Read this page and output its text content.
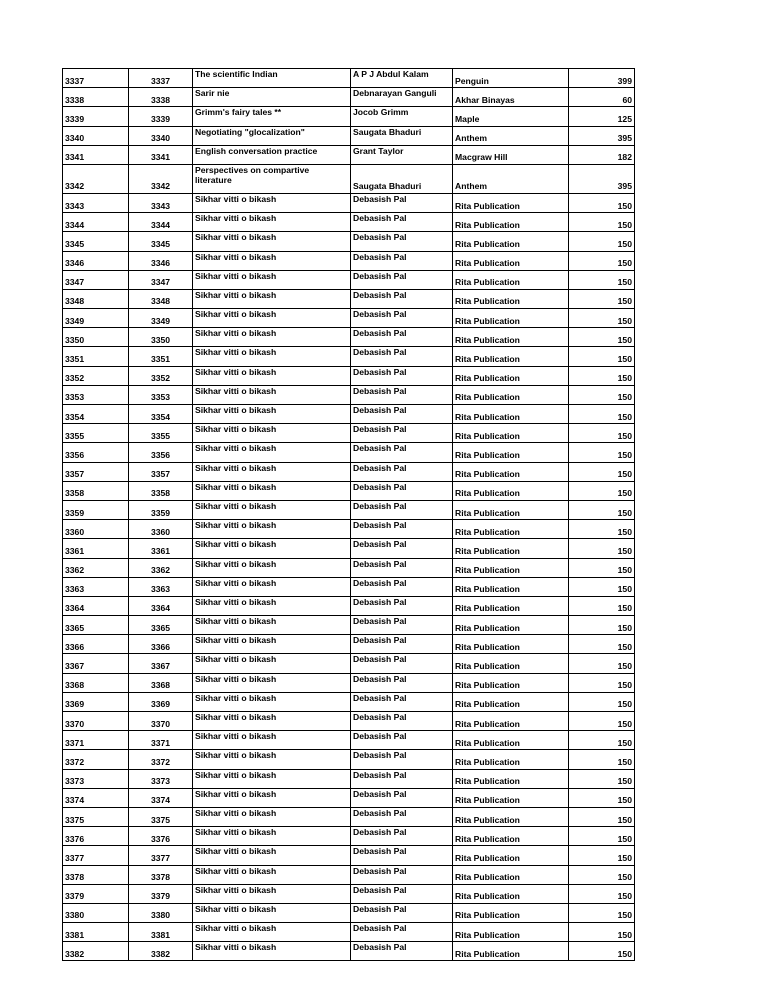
3337	3337	The scientific Indian	A P J Abdul Kalam	Penguin	399
3338	3338	Sarir nie	Debnarayan Ganguli	Akhar Binayas	60
3339	3339	Grimm's fairy tales **	Jocob Grimm	Maple	125
3340	3340	Negotiating "glocalization"	Saugata Bhaduri	Anthem	395
3341	3341	English conversation practice	Grant Taylor	Macgraw Hill	182
3342	3342	Perspectives on compartive literature	Saugata Bhaduri	Anthem	395
3343	3343	Sikhar vitti o bikash	Debasish Pal	Rita Publication	150
3344	3344	Sikhar vitti o bikash	Debasish Pal	Rita Publication	150
3345	3345	Sikhar vitti o bikash	Debasish Pal	Rita Publication	150
3346	3346	Sikhar vitti o bikash	Debasish Pal	Rita Publication	150
3347	3347	Sikhar vitti o bikash	Debasish Pal	Rita Publication	150
3348	3348	Sikhar vitti o bikash	Debasish Pal	Rita Publication	150
3349	3349	Sikhar vitti o bikash	Debasish Pal	Rita Publication	150
3350	3350	Sikhar vitti o bikash	Debasish Pal	Rita Publication	150
3351	3351	Sikhar vitti o bikash	Debasish Pal	Rita Publication	150
3352	3352	Sikhar vitti o bikash	Debasish Pal	Rita Publication	150
3353	3353	Sikhar vitti o bikash	Debasish Pal	Rita Publication	150
3354	3354	Sikhar vitti o bikash	Debasish Pal	Rita Publication	150
3355	3355	Sikhar vitti o bikash	Debasish Pal	Rita Publication	150
3356	3356	Sikhar vitti o bikash	Debasish Pal	Rita Publication	150
3357	3357	Sikhar vitti o bikash	Debasish Pal	Rita Publication	150
3358	3358	Sikhar vitti o bikash	Debasish Pal	Rita Publication	150
3359	3359	Sikhar vitti o bikash	Debasish Pal	Rita Publication	150
3360	3360	Sikhar vitti o bikash	Debasish Pal	Rita Publication	150
3361	3361	Sikhar vitti o bikash	Debasish Pal	Rita Publication	150
3362	3362	Sikhar vitti o bikash	Debasish Pal	Rita Publication	150
3363	3363	Sikhar vitti o bikash	Debasish Pal	Rita Publication	150
3364	3364	Sikhar vitti o bikash	Debasish Pal	Rita Publication	150
3365	3365	Sikhar vitti o bikash	Debasish Pal	Rita Publication	150
3366	3366	Sikhar vitti o bikash	Debasish Pal	Rita Publication	150
3367	3367	Sikhar vitti o bikash	Debasish Pal	Rita Publication	150
3368	3368	Sikhar vitti o bikash	Debasish Pal	Rita Publication	150
3369	3369	Sikhar vitti o bikash	Debasish Pal	Rita Publication	150
3370	3370	Sikhar vitti o bikash	Debasish Pal	Rita Publication	150
3371	3371	Sikhar vitti o bikash	Debasish Pal	Rita Publication	150
3372	3372	Sikhar vitti o bikash	Debasish Pal	Rita Publication	150
3373	3373	Sikhar vitti o bikash	Debasish Pal	Rita Publication	150
3374	3374	Sikhar vitti o bikash	Debasish Pal	Rita Publication	150
3375	3375	Sikhar vitti o bikash	Debasish Pal	Rita Publication	150
3376	3376	Sikhar vitti o bikash	Debasish Pal	Rita Publication	150
3377	3377	Sikhar vitti o bikash	Debasish Pal	Rita Publication	150
3378	3378	Sikhar vitti o bikash	Debasish Pal	Rita Publication	150
3379	3379	Sikhar vitti o bikash	Debasish Pal	Rita Publication	150
3380	3380	Sikhar vitti o bikash	Debasish Pal	Rita Publication	150
3381	3381	Sikhar vitti o bikash	Debasish Pal	Rita Publication	150
3382	3382	Sikhar vitti o bikash	Debasish Pal	Rita Publication	150
